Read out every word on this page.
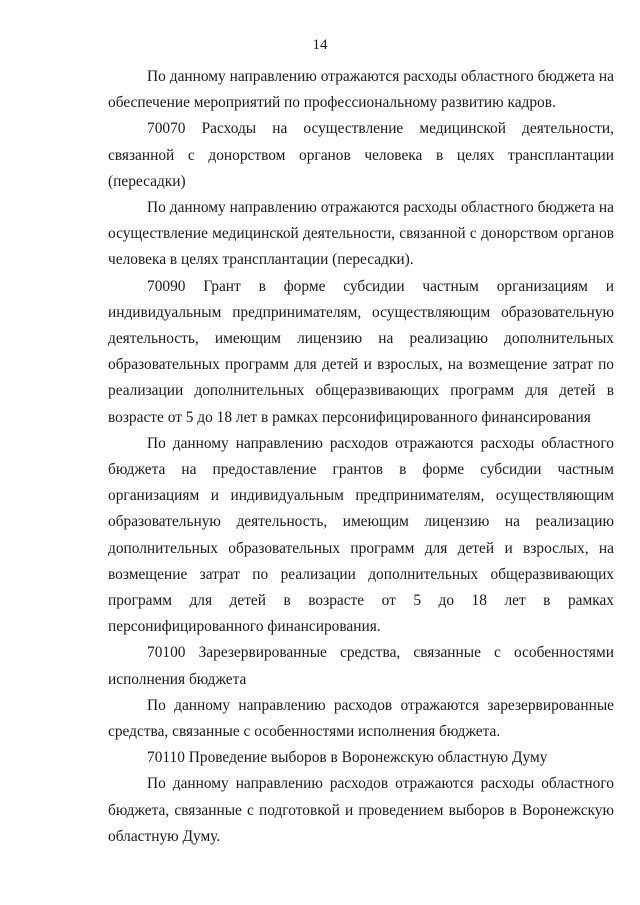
14

По данному направлению отражаются расходы областного бюджета на обеспечение мероприятий по профессиональному развитию кадров.

70070 Расходы на осуществление медицинской деятельности, связанной с донорством органов человека в целях трансплантации (пересадки)

По данному направлению отражаются расходы областного бюджета на осуществление медицинской деятельности, связанной с донорством органов человека в целях трансплантации (пересадки).

70090 Грант в форме субсидии частным организациям и индивидуальным предпринимателям, осуществляющим образовательную деятельность, имеющим лицензию на реализацию дополнительных образовательных программ для детей и взрослых, на возмещение затрат по реализации дополнительных общеразвивающих программ для детей в возрасте от 5 до 18 лет в рамках персонифицированного финансирования

По данному направлению расходов отражаются расходы областного бюджета на предоставление грантов в форме субсидии частным организациям и индивидуальным предпринимателям, осуществляющим образовательную деятельность, имеющим лицензию на реализацию дополнительных образовательных программ для детей и взрослых, на возмещение затрат по реализации дополнительных общеразвивающих программ для детей в возрасте от 5 до 18 лет в рамках персонифицированного финансирования.

70100 Зарезервированные средства, связанные с особенностями исполнения бюджета

По данному направлению расходов отражаются зарезервированные средства, связанные с особенностями исполнения бюджета.

70110 Проведение выборов в Воронежскую областную Думу

По данному направлению расходов отражаются расходы областного бюджета, связанные с подготовкой и проведением выборов в Воронежскую областную Думу.
